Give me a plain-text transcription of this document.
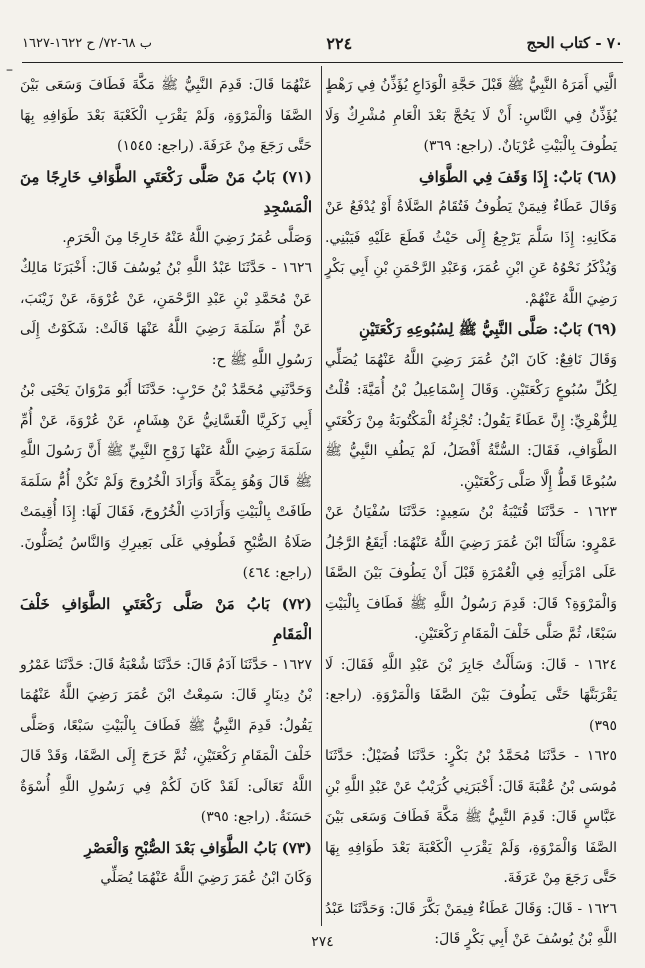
٧٠ - كتاب الحج
٢٢٤
ب ٦٨-٧٢/ ح ١٦٢٢-١٦٢٧
–

الَّتِي أَمَرَهُ النَّبِيُّ ﷺ قَبْلَ حَجَّةِ الْوَدَاعِ يُؤَذِّنُ فِي رَهْطٍ يُؤَذِّنُ فِي النَّاسِ: أَنْ لَا يَحُجَّ بَعْدَ الْعَامِ مُشْرِكٌ وَلَا يَطُوفَ بِالْبَيْتِ عُرْيَانٌ. (راجع: ٣٦٩)

(٦٨) بَابٌ: إِذَا وَقَفَ فِي الطَّوَافِ

وَقَالَ عَطَاءٌ فِيمَنْ يَطُوفُ فَتُقَامُ الصَّلَاةُ أَوْ يُدْفَعُ عَنْ مَكَانِهِ: إِذَا سَلَّمَ يَرْجِعُ إِلَى حَيْثُ قَطَعَ عَلَيْهِ فَيَبْنِي. وَيُذْكَرُ نَحْوُهُ عَنِ ابْنِ عُمَرَ، وَعَبْدِ الرَّحْمَنِ بْنِ أَبِي بَكْرٍ رَضِيَ اللَّهُ عَنْهُمْ.

(٦٩) بَابٌ: صَلَّى النَّبِيُّ ﷺ لِسُبُوعِهِ رَكْعَتَيْنِ

وَقَالَ نَافِعٌ: كَانَ ابْنُ عُمَرَ رَضِيَ اللَّهُ عَنْهُمَا يُصَلِّي لِكُلِّ سُبُوعٍ رَكْعَتَيْنِ. وَقَالَ إِسْمَاعِيلُ بْنُ أُمَيَّةَ: قُلْتُ لِلزُّهْرِيِّ: إِنَّ عَطَاءً يَقُولُ: تُجْزِئُهُ الْمَكْتُوبَةُ مِنْ رَكْعَتَيِ الطَّوَافِ، فَقَالَ: السُّنَّةُ أَفْضَلُ، لَمْ يَطُفِ النَّبِيُّ ﷺ سُبُوعًا قَطُّ إِلَّا صَلَّى رَكْعَتَيْنِ.

١٦٢٣ - حَدَّثَنَا قُتَيْبَةُ بْنُ سَعِيدٍ: حَدَّثَنَا سُفْيَانُ عَنْ عَمْرٍو: سَأَلْنَا ابْنَ عُمَرَ رَضِيَ اللَّهُ عَنْهُمَا: أَيَقَعُ الرَّجُلُ عَلَى امْرَأَتِهِ فِي الْعُمْرَةِ قَبْلَ أَنْ يَطُوفَ بَيْنَ الصَّفَا وَالْمَرْوَةِ؟ قَالَ: قَدِمَ رَسُولُ اللَّهِ ﷺ فَطَافَ بِالْبَيْتِ سَبْعًا، ثُمَّ صَلَّى خَلْفَ الْمَقَامِ رَكْعَتَيْنِ.

١٦٢٤ - قَالَ: وَسَأَلْتُ جَابِرَ بْنَ عَبْدِ اللَّهِ فَقَالَ: لَا يَقْرَبَنَّهَا حَتَّى يَطُوفَ بَيْنَ الصَّفَا وَالْمَرْوَةِ. (راجع: ٣٩٥)

١٦٢٥ - حَدَّثَنَا مُحَمَّدُ بْنُ بَكْرٍ: حَدَّثَنَا فُضَيْلٌ: حَدَّثَنَا مُوسَى بْنُ عُقْبَةَ قَالَ: أَخْبَرَنِي كُرَيْبٌ عَنْ عَبْدِ اللَّهِ بْنِ عَبَّاسٍ قَالَ: قَدِمَ النَّبِيُّ ﷺ مَكَّةَ فَطَافَ وَسَعَى بَيْنَ الصَّفَا وَالْمَرْوَةِ، وَلَمْ يَقْرَبِ الْكَعْبَةَ بَعْدَ طَوَافِهِ بِهَا حَتَّى رَجَعَ مِنْ عَرَفَةَ.

١٦٢٦ - قَالَ: وَقَالَ عَطَاءٌ فِيمَنْ بَكَّرَ قَالَ: وَحَدَّثَنَا عَبْدُ اللَّهِ بْنُ يُوسُفَ عَنْ أَبِي بَكْرٍ قَالَ:

عَنْهُمَا قَالَ: قَدِمَ النَّبِيُّ ﷺ مَكَّةَ فَطَافَ وَسَعَى بَيْنَ الصَّفَا وَالْمَرْوَةِ، وَلَمْ يَقْرَبِ الْكَعْبَةَ بَعْدَ طَوَافِهِ بِهَا حَتَّى رَجَعَ مِنْ عَرَفَةَ. (راجع: ١٥٤٥)

(٧١) بَابُ مَنْ صَلَّى رَكْعَتَيِ الطَّوَافِ خَارِجًا مِنَ الْمَسْجِدِ

وَصَلَّى عُمَرُ رَضِيَ اللَّهُ عَنْهُ خَارِجًا مِنَ الْحَرَمِ.

١٦٢٦ - حَدَّثَنَا عَبْدُ اللَّهِ بْنُ يُوسُفَ قَالَ: أَخْبَرَنَا مَالِكٌ عَنْ مُحَمَّدِ بْنِ عَبْدِ الرَّحْمَنِ، عَنْ عُرْوَةَ، عَنْ زَيْنَبَ، عَنْ أُمِّ سَلَمَةَ رَضِيَ اللَّهُ عَنْهَا قَالَتْ: شَكَوْتُ إِلَى رَسُولِ اللَّهِ ﷺ ح:

وَحَدَّثَنِي مُحَمَّدُ بْنُ حَرْبٍ: حَدَّثَنَا أَبُو مَرْوَانَ يَحْيَى بْنُ أَبِي زَكَرِيَّا الْغَسَّانِيُّ عَنْ هِشَامٍ، عَنْ عُرْوَةَ، عَنْ أُمِّ سَلَمَةَ رَضِيَ اللَّهُ عَنْهَا زَوْجِ النَّبِيِّ ﷺ أَنَّ رَسُولَ اللَّهِ ﷺ قَالَ وَهُوَ بِمَكَّةَ وَأَرَادَ الْخُرُوجَ وَلَمْ تَكُنْ أُمُّ سَلَمَةَ طَافَتْ بِالْبَيْتِ وَأَرَادَتِ الْخُرُوجَ، فَقَالَ لَهَا: إِذَا أُقِيمَتْ صَلَاةُ الصُّبْحِ فَطُوفِي عَلَى بَعِيرِكِ وَالنَّاسُ يُصَلُّونَ. (راجع: ٤٦٤)

(٧٢) بَابُ مَنْ صَلَّى رَكْعَتَيِ الطَّوَافِ خَلْفَ الْمَقَامِ

١٦٢٧ - حَدَّثَنَا آدَمُ قَالَ: حَدَّثَنَا شُعْبَةُ قَالَ: حَدَّثَنَا عَمْرُو بْنُ دِينَارٍ قَالَ: سَمِعْتُ ابْنَ عُمَرَ رَضِيَ اللَّهُ عَنْهُمَا يَقُولُ: قَدِمَ النَّبِيُّ ﷺ فَطَافَ بِالْبَيْتِ سَبْعًا، وَصَلَّى خَلْفَ الْمَقَامِ رَكْعَتَيْنِ، ثُمَّ خَرَجَ إِلَى الصَّفَا، وَقَدْ قَالَ اللَّهُ تَعَالَى: لَقَدْ كَانَ لَكُمْ فِي رَسُولِ اللَّهِ أُسْوَةٌ حَسَنَةٌ. (راجع: ٣٩٥)

(٧٣) بَابُ الطَّوَافِ بَعْدَ الصُّبْحِ وَالْعَصْرِ

وَكَانَ ابْنُ عُمَرَ رَضِيَ اللَّهُ عَنْهُمَا يُصَلِّي

٢٧٤
